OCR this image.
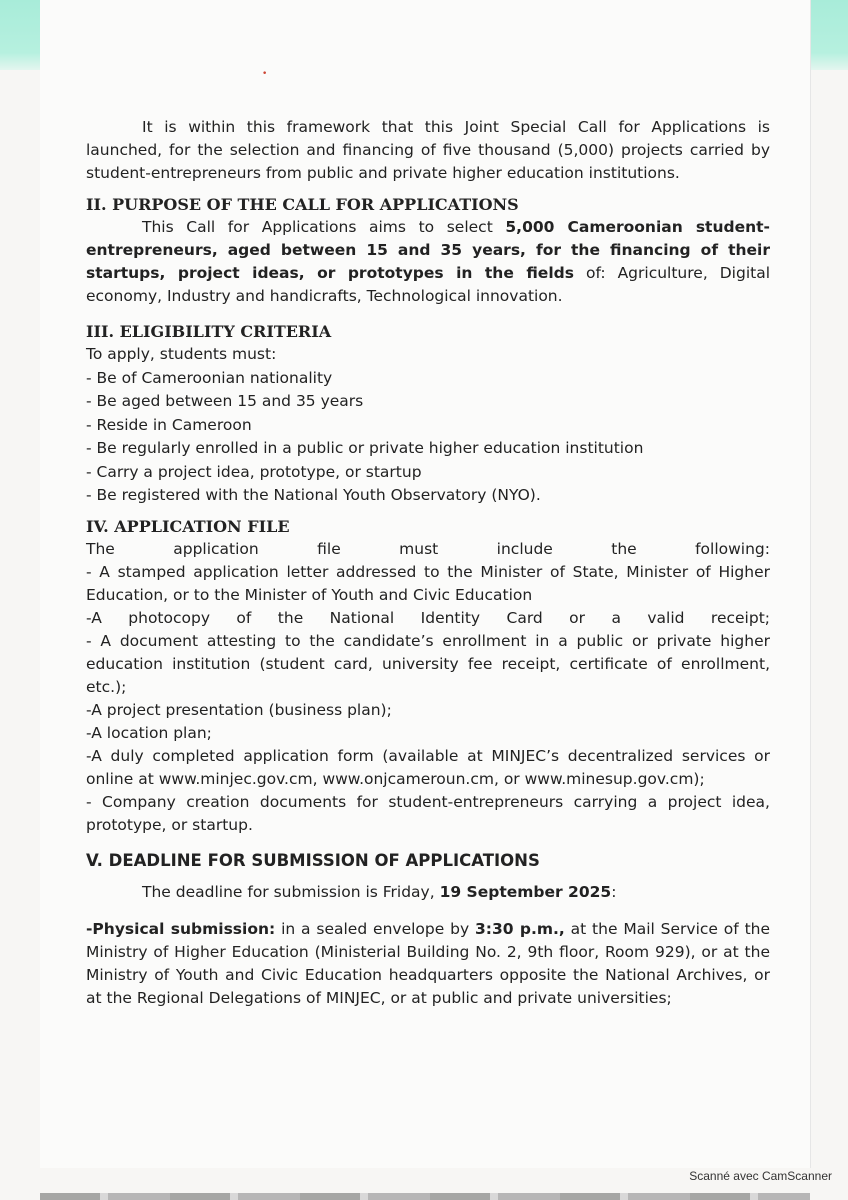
•

It is within this framework that this Joint Special Call for Applications is launched, for the selection and financing of five thousand (5,000) projects carried by student-entrepreneurs from public and private higher education institutions.

II. PURPOSE OF THE CALL FOR APPLICATIONS

This Call for Applications aims to select 5,000 Cameroonian student-entrepreneurs, aged between 15 and 35 years, for the financing of their startups, project ideas, or prototypes in the fields of: Agriculture, Digital economy, Industry and handicrafts, Technological innovation.

III. ELIGIBILITY CRITERIA

To apply, students must:

- Be of Cameroonian nationality

- Be aged between 15 and 35 years

- Reside in Cameroon

- Be regularly enrolled in a public or private higher education institution

- Carry a project idea, prototype, or startup

- Be registered with the National Youth Observatory (NYO).

IV. APPLICATION FILE

The application file must include the following:

- A stamped application letter addressed to the Minister of State, Minister of Higher Education, or to the Minister of Youth and Civic Education

-A photocopy of the National Identity Card or a valid receipt;

- A document attesting to the candidate’s enrollment in a public or private higher education institution (student card, university fee receipt, certificate of enrollment, etc.);

-A project presentation (business plan);

-A location plan;

-A duly completed application form (available at MINJEC’s decentralized services or online at www.minjec.gov.cm, www.onjcameroun.cm, or www.minesup.gov.cm);

- Company creation documents for student-entrepreneurs carrying a project idea, prototype, or startup.

V. DEADLINE FOR SUBMISSION OF APPLICATIONS

The deadline for submission is Friday, 19 September 2025:

-Physical submission: in a sealed envelope by 3:30 p.m., at the Mail Service of the Ministry of Higher Education (Ministerial Building No. 2, 9th floor, Room 929), or at the Ministry of Youth and Civic Education headquarters opposite the National Archives, or at the Regional Delegations of MINJEC, or at public and private universities;

Scanné avec CamScanner
